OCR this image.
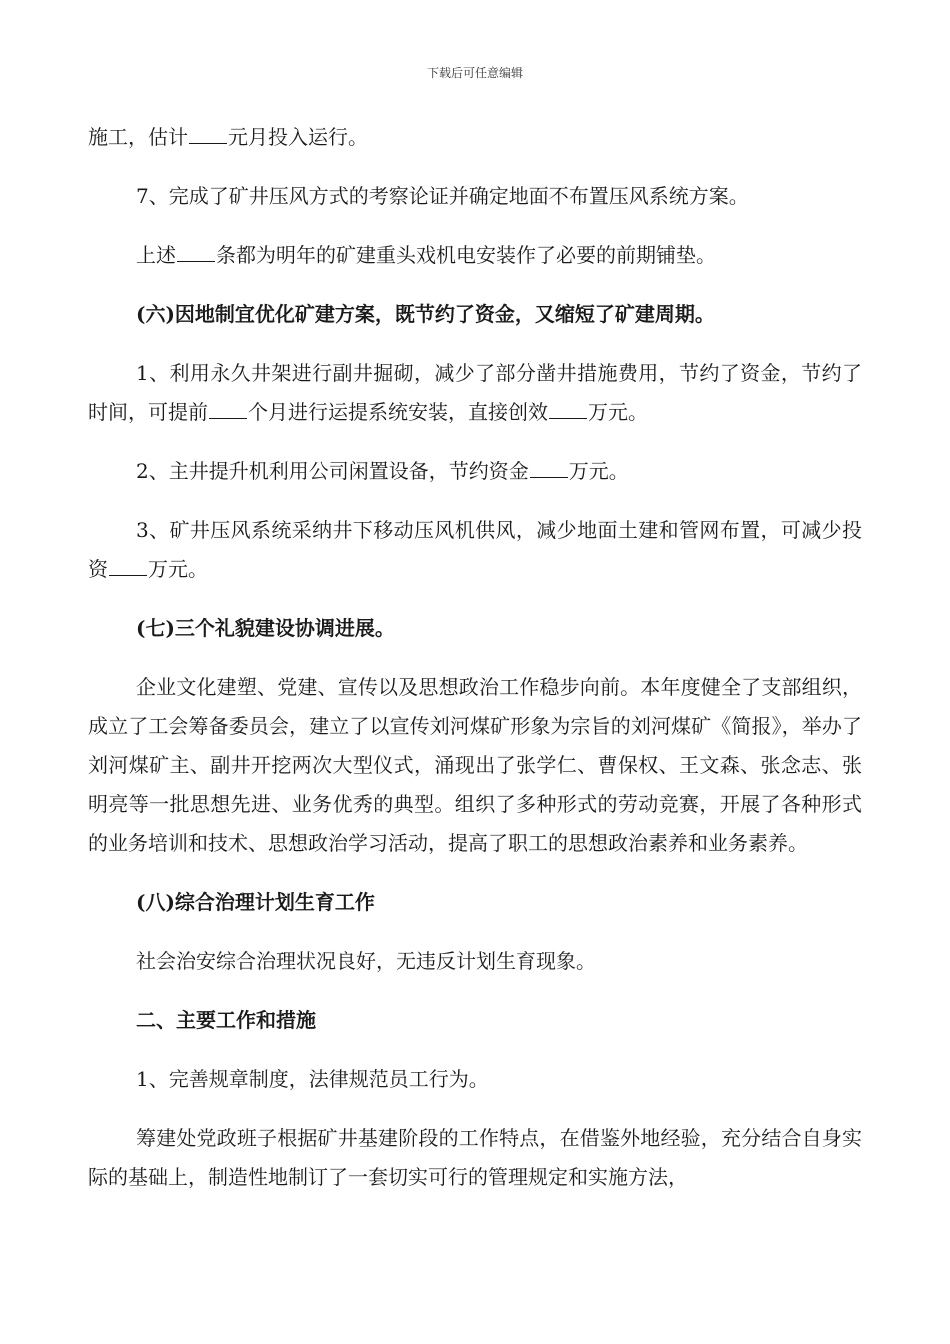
下载后可任意编辑

施工，估计 元月投入运行。

7、完成了矿井压风方式的考察论证并确定地面不布置压风系统方案。

上述 条都为明年的矿建重头戏机电安装作了必要的前期铺垫。

(六)因地制宜优化矿建方案，既节约了资金，又缩短了矿建周期。

1、利用永久井架进行副井掘砌，减少了部分凿井措施费用，节约了资金，节约了时间，可提前 个月进行运提系统安装，直接创效 万元。

2、主井提升机利用公司闲置设备，节约资金 万元。

3、矿井压风系统采纳井下移动压风机供风，减少地面土建和管网布置，可减少投资 万元。

(七)三个礼貌建设协调进展。

企业文化建塑、党建、宣传以及思想政治工作稳步向前。本年度健全了支部组织，成立了工会筹备委员会，建立了以宣传刘河煤矿形象为宗旨的刘河煤矿《简报》，举办了刘河煤矿主、副井开挖两次大型仪式，涌现出了张学仁、曹保权、王文森、张念志、张明亮等一批思想先进、业务优秀的典型。组织了多种形式的劳动竞赛，开展了各种形式的业务培训和技术、思想政治学习活动，提高了职工的思想政治素养和业务素养。

(八)综合治理计划生育工作

社会治安综合治理状况良好，无违反计划生育现象。

二、主要工作和措施

1、完善规章制度，法律规范员工行为。

筹建处党政班子根据矿井基建阶段的工作特点，在借鉴外地经验，充分结合自身实际的基础上，制造性地制订了一套切实可行的管理规定和实施方法，
